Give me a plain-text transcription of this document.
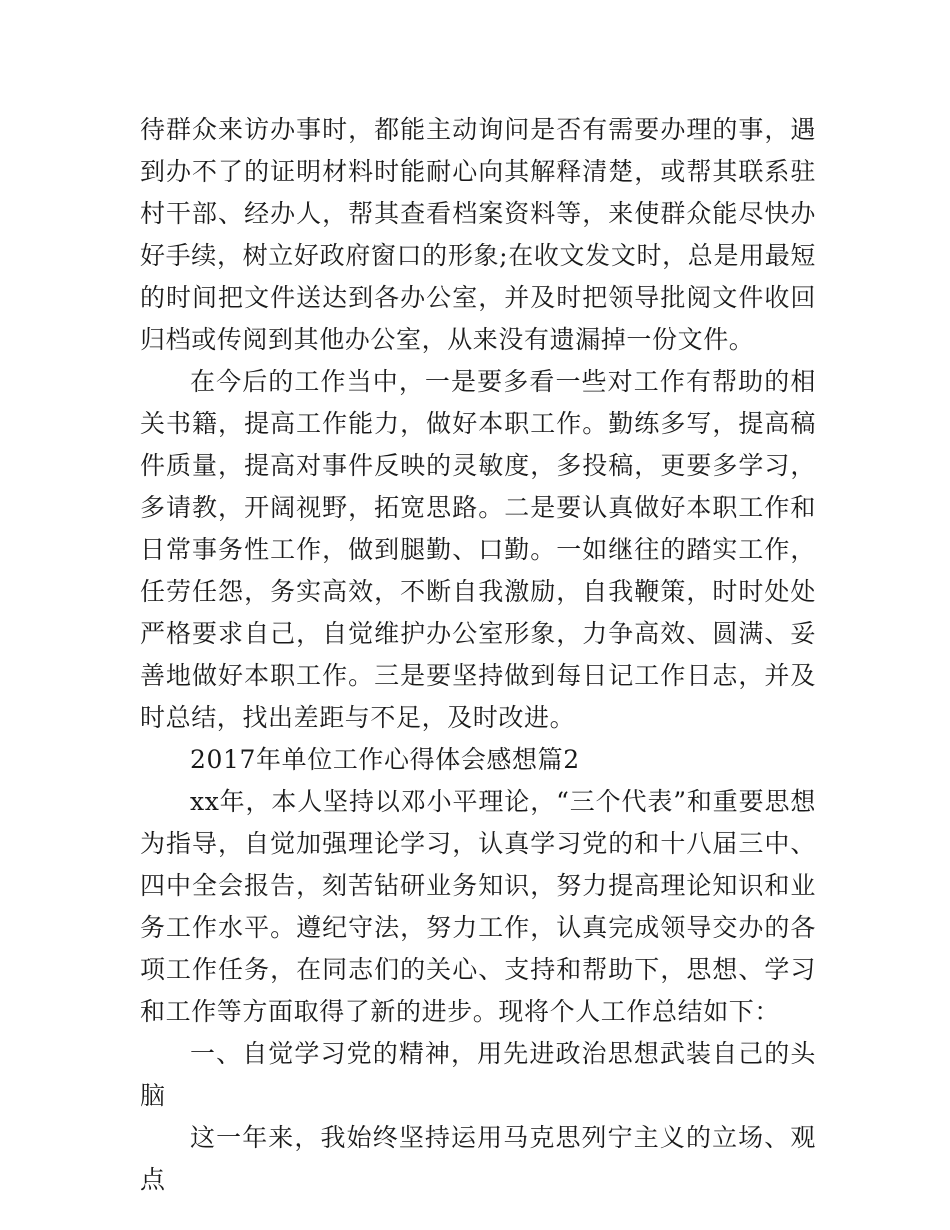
待群众来访办事时，都能主动询问是否有需要办理的事，遇到办不了的证明材料时能耐心向其解释清楚，或帮其联系驻村干部、经办人，帮其查看档案资料等，来使群众能尽快办好手续，树立好政府窗口的形象;在收文发文时，总是用最短的时间把文件送达到各办公室，并及时把领导批阅文件收回归档或传阅到其他办公室，从来没有遗漏掉一份文件。

在今后的工作当中，一是要多看一些对工作有帮助的相关书籍，提高工作能力，做好本职工作。勤练多写，提高稿件质量，提高对事件反映的灵敏度，多投稿，更要多学习，多请教，开阔视野，拓宽思路。二是要认真做好本职工作和日常事务性工作，做到腿勤、口勤。一如继往的踏实工作，任劳任怨，务实高效，不断自我激励，自我鞭策，时时处处严格要求自己，自觉维护办公室形象，力争高效、圆满、妥善地做好本职工作。三是要坚持做到每日记工作日志，并及时总结，找出差距与不足，及时改进。

2017年单位工作心得体会感想篇2

xx年，本人坚持以邓小平理论，“三个代表”和重要思想为指导，自觉加强理论学习，认真学习党的和十八届三中、四中全会报告，刻苦钻研业务知识，努力提高理论知识和业务工作水平。遵纪守法，努力工作，认真完成领导交办的各项工作任务，在同志们的关心、支持和帮助下，思想、学习和工作等方面取得了新的进步。现将个人工作总结如下：

一、自觉学习党的精神，用先进政治思想武装自己的头脑

这一年来，我始终坚持运用马克思列宁主义的立场、观点
